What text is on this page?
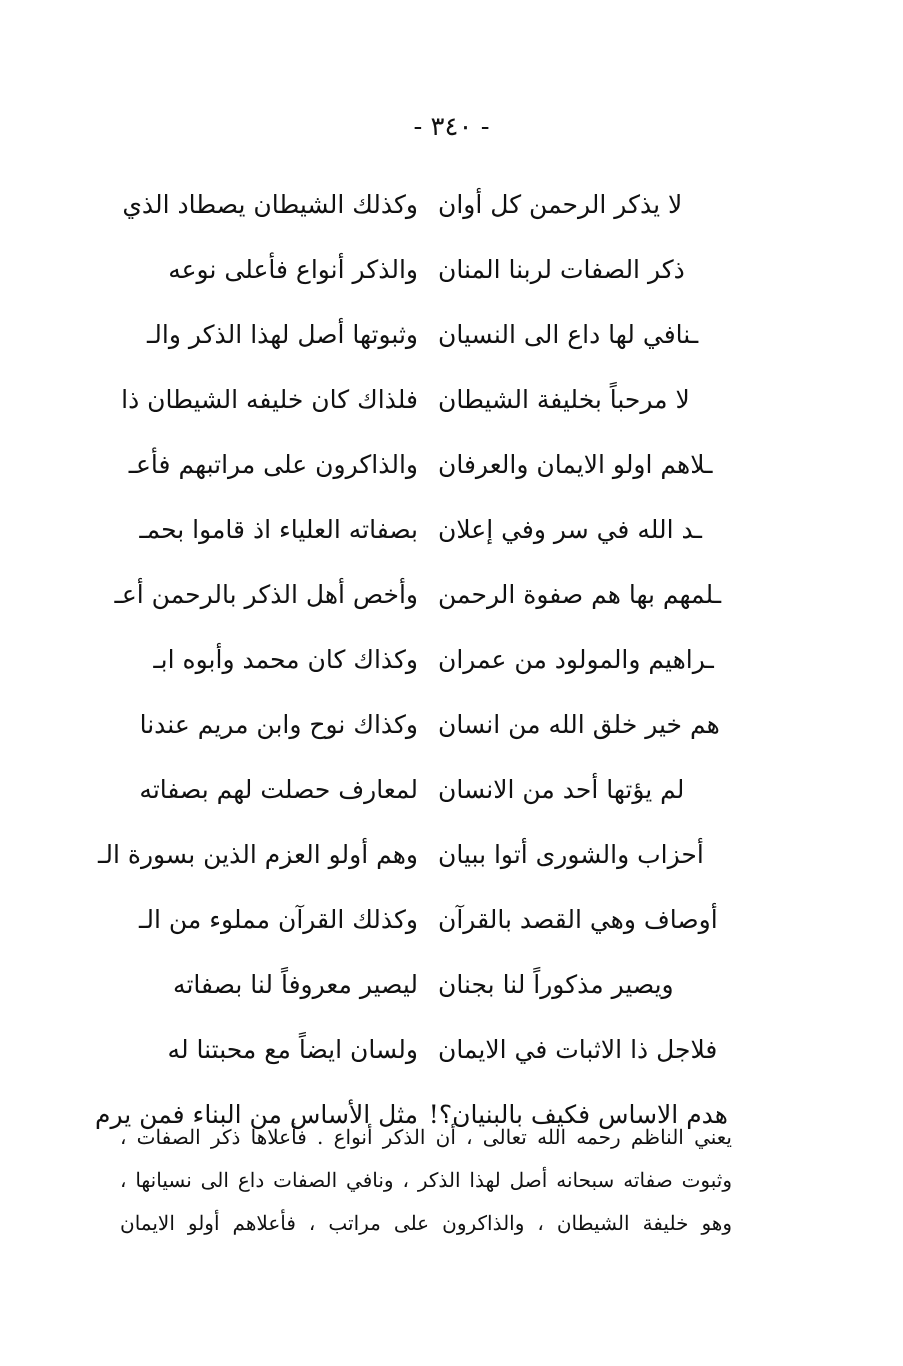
- ٣٤٠ -
وكذلك الشيطان يصطاد الذي لا يذكر الرحمن كل أوان
والذكر أنواع فأعلى نوعه ذكر الصفات لربنا المنان
وثبوتها أصل لهذا الذكر والـ ـنافي لها داع الى النسيان
فلذاك كان خليفه الشيطان ذا لا مرحباً بخليفة الشيطان
والذاكرون على مراتبهم فأعـ ـلاهم اولو الايمان والعرفان
بصفاته العلياء اذ قاموا بحمـ ـد الله في سر وفي إعلان
وأخص أهل الذكر بالرحمن أعـ ـلمهم بها هم صفوة الرحمن
وكذاك كان محمد وأبوه ابـ ـراهيم والمولود من عمران
وكذاك نوح وابن مريم عندنا هم خير خلق الله من انسان
لمعارف حصلت لهم بصفاته لم يؤتها أحد من الانسان
وهم أولو العزم الذين بسورة الـ أحزاب والشورى أتوا ببيان
وكذلك القرآن مملوء من الـ أوصاف وهي القصد بالقرآن
ليصير معروفاً لنا بصفاته ويصير مذكوراً لنا بجنان
ولسان ايضاً مع محبتنا له فلاجل ذا الاثبات في الايمان
مثل الأساس من البناء فمن يرم هدم الاساس فكيف بالبنيان؟!
يعني الناظم رحمه الله تعالى ، أن الذكر أنواع . فأعلاها ذكر الصفات ،
وثبوت صفاته سبحانه أصل لهذا الذكر ، ونافي الصفات داع الى نسيانها ،
وهو خليفة الشيطان ، والذاكرون على مراتب ، فأعلاهم أولو الايمان
